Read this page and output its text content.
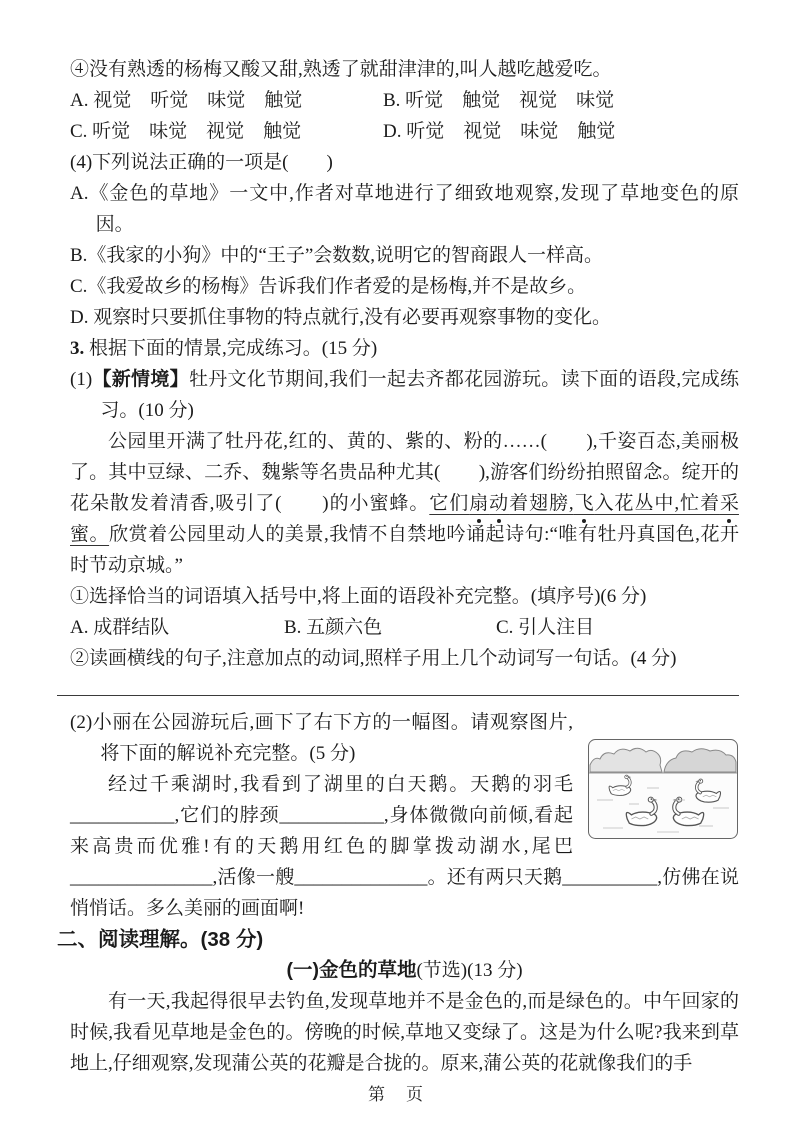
④没有熟透的杨梅又酸又甜,熟透了就甜津津的,叫人越吃越爱吃。

A. 视觉　听觉　味觉　触觉	B. 听觉　触觉　视觉　味觉
C. 听觉　味觉　视觉　触觉	D. 听觉　视觉　味觉　触觉

(4)下列说法正确的一项是(　　)

A.《金色的草地》一文中,作者对草地进行了细致地观察,发现了草地变色的原因。

B.《我家的小狗》中的“王子”会数数,说明它的智商跟人一样高。

C.《我爱故乡的杨梅》告诉我们作者爱的是杨梅,并不是故乡。

D. 观察时只要抓住事物的特点就行,没有必要再观察事物的变化。

3. 根据下面的情景,完成练习。(15 分)

(1)【新情境】牡丹文化节期间,我们一起去齐都花园游玩。读下面的语段,完成练习。(10 分)

公园里开满了牡丹花,红的、黄的、紫的、粉的……(　　),千姿百态,美丽极了。其中豆绿、二乔、魏紫等名贵品种尤其(　　),游客们纷纷拍照留念。绽开的花朵散发着清香,吸引了(　　)的小蜜蜂。它们扇动着翅膀,飞入花丛中,忙着采蜜。欣赏着公园里动人的美景,我情不自禁地吟诵起诗句:“唯有牡丹真国色,花开时节动京城。”

①选择恰当的词语填入括号中,将上面的语段补充完整。(填序号)(6 分)

A. 成群结队	B. 五颜六色	C. 引人注目

②读画横线的句子,注意加点的动词,照样子用上几个动词写一句话。(4 分)

(2)小丽在公园游玩后,画下了右下方的一幅图。请观察图片,将下面的解说补充完整。(5 分)

经过千乘湖时,我看到了湖里的白天鹅。天鹅的羽毛___________,它们的脖颈___________,身体微微向前倾,看起来高贵而优雅!有的天鹅用红色的脚掌拨动湖水,尾巴_______________,活像一艘______________。还有两只天鹅__________,仿佛在说悄悄话。多么美丽的画面啊!

二、阅读理解。(38 分)

(一)金色的草地(节选)(13 分)

有一天,我起得很早去钓鱼,发现草地并不是金色的,而是绿色的。中午回家的时候,我看见草地是金色的。傍晚的时候,草地又变绿了。这是为什么呢?我来到草地上,仔细观察,发现蒲公英的花瓣是合拢的。原来,蒲公英的花就像我们的手

第　页
